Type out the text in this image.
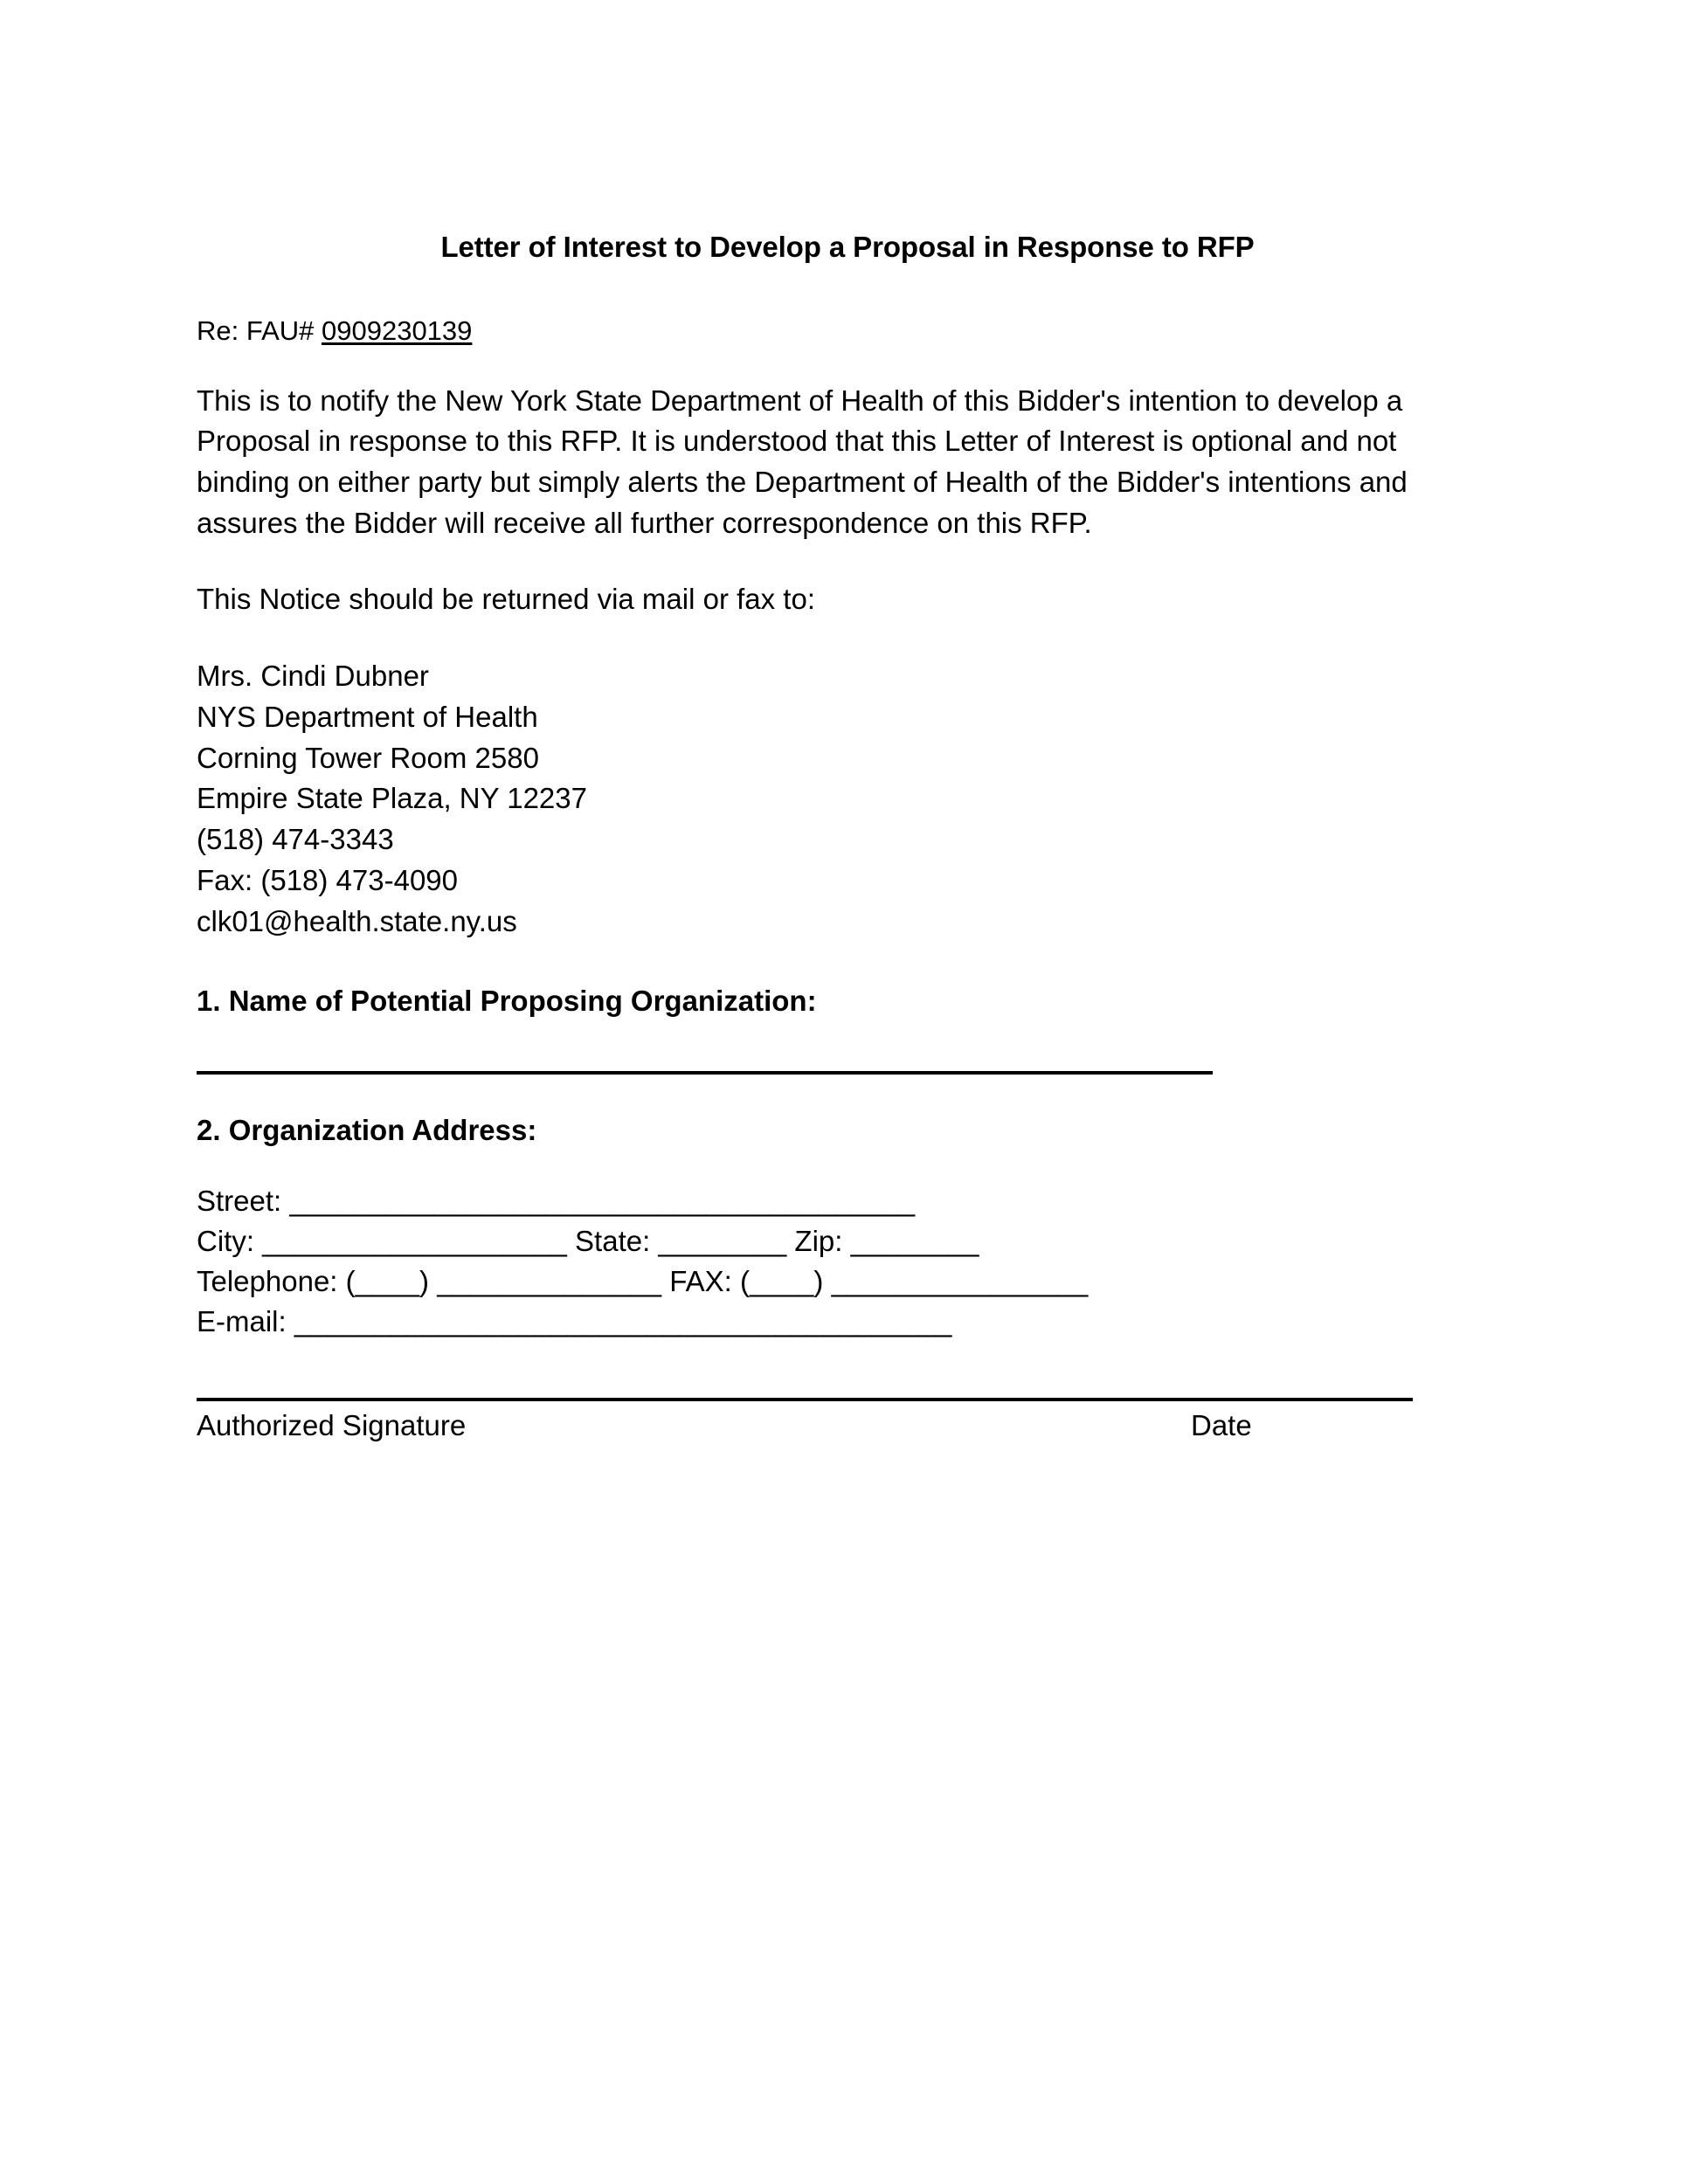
Letter of Interest to Develop a Proposal in Response to RFP

Re: FAU# 0909230139

This is to notify the New York State Department of Health of this Bidder's intention to develop a Proposal in response to this RFP. It is understood that this Letter of Interest is optional and not binding on either party but simply alerts the Department of Health of the Bidder's intentions and assures the Bidder will receive all further correspondence on this RFP.

This Notice should be returned via mail or fax to:

Mrs. Cindi Dubner
NYS Department of Health
Corning Tower Room 2580
Empire State Plaza, NY 12237
(518) 474-3343
Fax: (518) 473-4090
clk01@health.state.ny.us
1. Name of Potential Proposing Organization:
2. Organization Address:
Street: _______________________________________
City: ___________________ State: ________ Zip: ________
Telephone: (____) ______________ FAX: (____) ________________
E-mail: _________________________________________
Authorized Signature	Date
